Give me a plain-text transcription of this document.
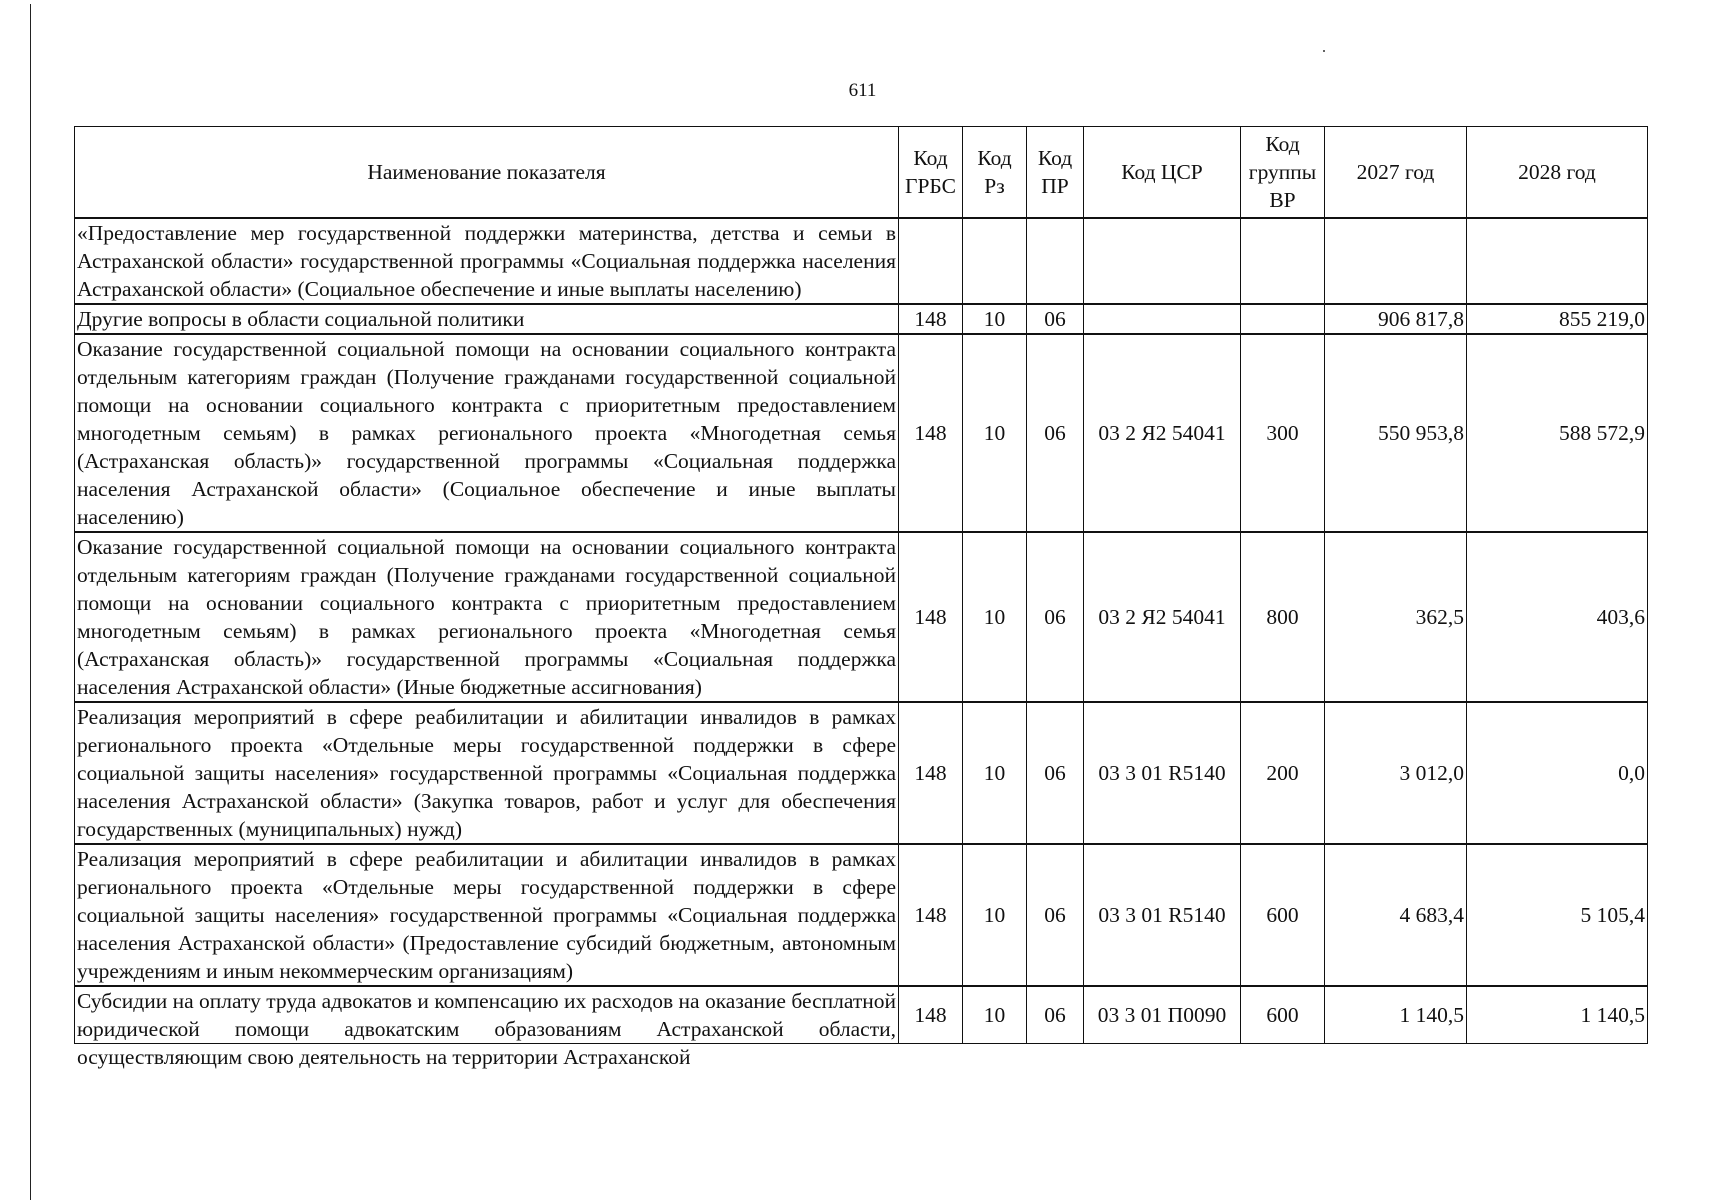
611
Наименование показателя	Код ГРБС	Код Рз	Код ПР	Код ЦСР	Код группы ВР	2027 год	2028 год
«Предоставление мер государственной поддержки материнства, детства и семьи в Астраханской области» государственной программы «Социальная поддержка населения Астраханской области» (Социальное обеспечение и иные выплаты населению)							
Другие вопросы в области социальной политики	148	10	06			906 817,8	855 219,0
Оказание государственной социальной помощи на основании социального контракта отдельным категориям граждан (Получение гражданами государственной социальной помощи на основании социального контракта с приоритетным предоставлением многодетным семьям) в рамках регионального проекта «Многодетная семья (Астраханская область)» государственной программы «Социальная поддержка населения Астраханской области» (Социальное обеспечение и иные выплаты населению)	148	10	06	03 2 Я2 54041	300	550 953,8	588 572,9
Оказание государственной социальной помощи на основании социального контракта отдельным категориям граждан (Получение гражданами государственной социальной помощи на основании социального контракта с приоритетным предоставлением многодетным семьям) в рамках регионального проекта «Многодетная семья (Астраханская область)» государственной программы «Социальная поддержка населения Астраханской области» (Иные бюджетные ассигнования)	148	10	06	03 2 Я2 54041	800	362,5	403,6
Реализация мероприятий в сфере реабилитации и абилитации инвалидов в рамках регионального проекта «Отдельные меры государственной поддержки в сфере социальной защиты населения» государственной программы «Социальная поддержка населения Астраханской области» (Закупка товаров, работ и услуг для обеспечения государственных (муниципальных) нужд)	148	10	06	03 3 01 R5140	200	3 012,0	0,0
Реализация мероприятий в сфере реабилитации и абилитации инвалидов в рамках регионального проекта «Отдельные меры государственной поддержки в сфере социальной защиты населения» государственной программы «Социальная поддержка населения Астраханской области» (Предоставление субсидий бюджетным, автономным учреждениям и иным некоммерческим организациям)	148	10	06	03 3 01 R5140	600	4 683,4	5 105,4

Субсидии на оплату труда адвокатов и компенсацию их расходов на оказание бесплатной юридической помощи адвокатским образованиям Астраханской области, осуществляющим свою деятельность на территории Астраханской	148	10	06	03 3 01 П0090	600	1 140,5	1 140,5
